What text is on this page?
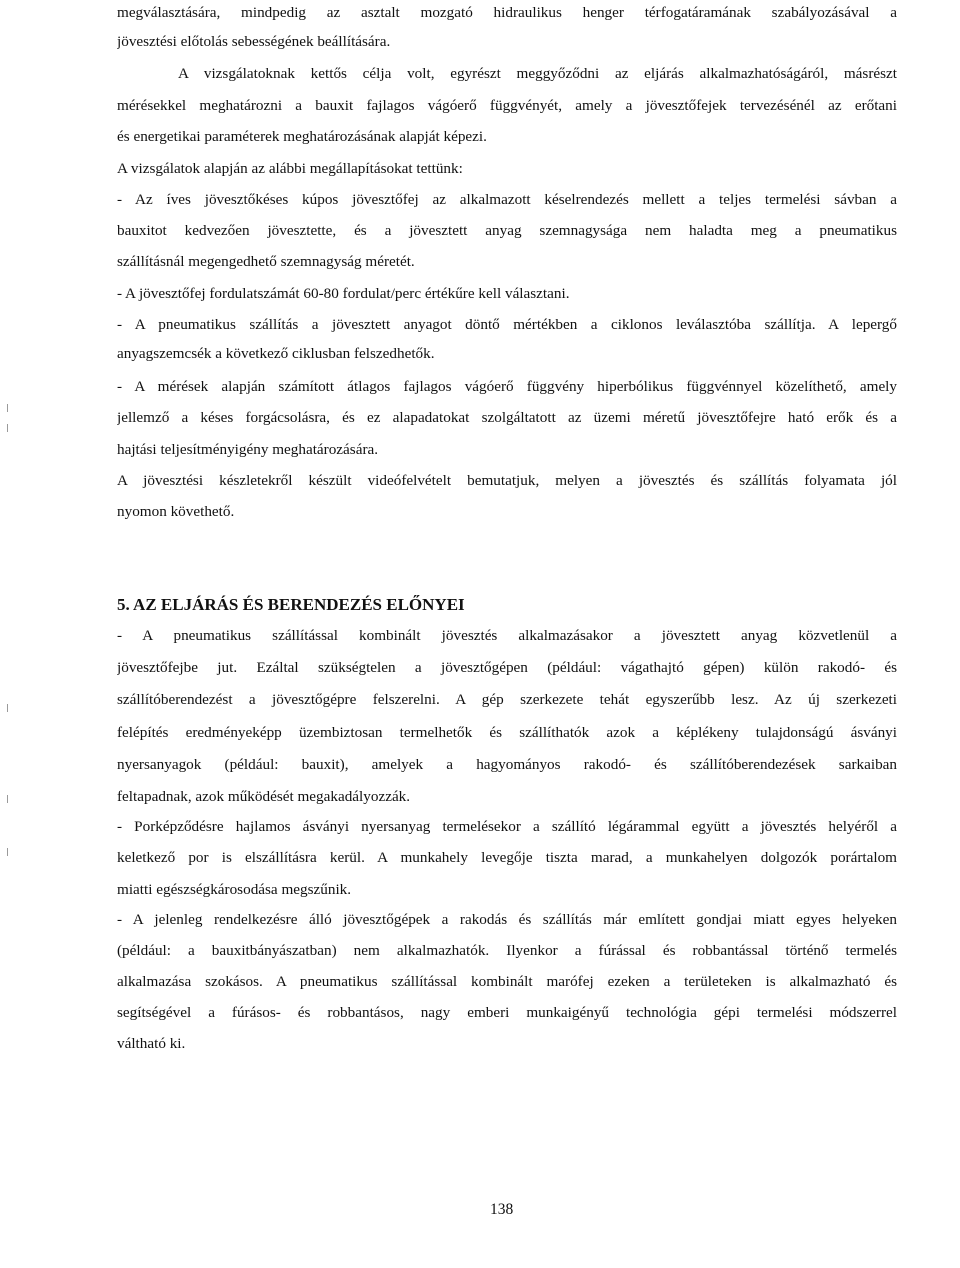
megválasztására, mindpedig az asztalt mozgató hidraulikus henger térfogatáramának szabályozásával a
jövesztési előtolás sebességének beállítására.
A vizsgálatoknak kettős célja volt, egyrészt meggyőződni az eljárás alkalmazhatóságáról, másrészt
mérésekkel meghatározni a bauxit fajlagos vágóerő függvényét, amely a jövesztőfejek tervezésénél az erőtani
és energetikai paraméterek meghatározásának alapját képezi.
A vizsgálatok alapján az alábbi megállapításokat tettünk:
- Az íves jövesztőkéses kúpos jövesztőfej az alkalmazott késelrendezés mellett a teljes termelési sávban a
bauxitot kedvezően jövesztette, és a jövesztett anyag szemnagysága nem haladta meg a pneumatikus
szállításnál megengedhető szemnagyság méretét.
- A jövesztőfej fordulatszámát 60-80 fordulat/perc értékűre kell választani.
- A pneumatikus szállítás a jövesztett anyagot döntő mértékben a ciklonos leválasztóba szállítja. A lepergő
anyagszemcsék a következő ciklusban felszedhetők.
- A mérések alapján számított átlagos fajlagos vágóerő függvény hiperbólikus függvénnyel közelíthető, amely
jellemző a késes forgácsolásra, és ez alapadatokat szolgáltatott az üzemi méretű jövesztőfejre ható erők és a
hajtási teljesítményigény meghatározására.
A jövesztési készletekről készült videófelvételt bemutatjuk, melyen a jövesztés és szállítás folyamata jól
nyomon követhető.
5. AZ ELJÁRÁS ÉS BERENDEZÉS ELŐNYEI
- A pneumatikus szállítással kombinált jövesztés alkalmazásakor a jövesztett anyag közvetlenül a
jövesztőfejbe jut. Ezáltal szükségtelen a jövesztőgépen (például: vágathajtó gépen) külön rakodó- és
szállítóberendezést a jövesztőgépre felszerelni. A gép szerkezete tehát egyszerűbb lesz. Az új szerkezeti
felépítés eredményeképp üzembiztosan termelhetők és szállíthatók azok a képlékeny tulajdonságú ásványi
nyersanyagok (például: bauxit), amelyek a hagyományos rakodó- és szállítóberendezések sarkaiban
feltapadnak, azok működését megakadályozzák.
- Porképződésre hajlamos ásványi nyersanyag termelésekor a szállító légárammal együtt a jövesztés helyéről a
keletkező por is elszállításra kerül. A munkahely levegője tiszta marad, a munkahelyen dolgozók porártalom
miatti egészségkárosodása megszűnik.
- A jelenleg rendelkezésre álló jövesztőgépek a rakodás és szállítás már említett gondjai miatt egyes helyeken
(például: a bauxitbányászatban) nem alkalmazhatók. Ilyenkor a fúrással és robbantással történő termelés
alkalmazása szokásos. A pneumatikus szállítással kombinált marófej ezeken a területeken is alkalmazható és
segítségével a fúrásos- és robbantásos, nagy emberi munkaigényű technológia gépi termelési módszerrel
váltható ki.
138
